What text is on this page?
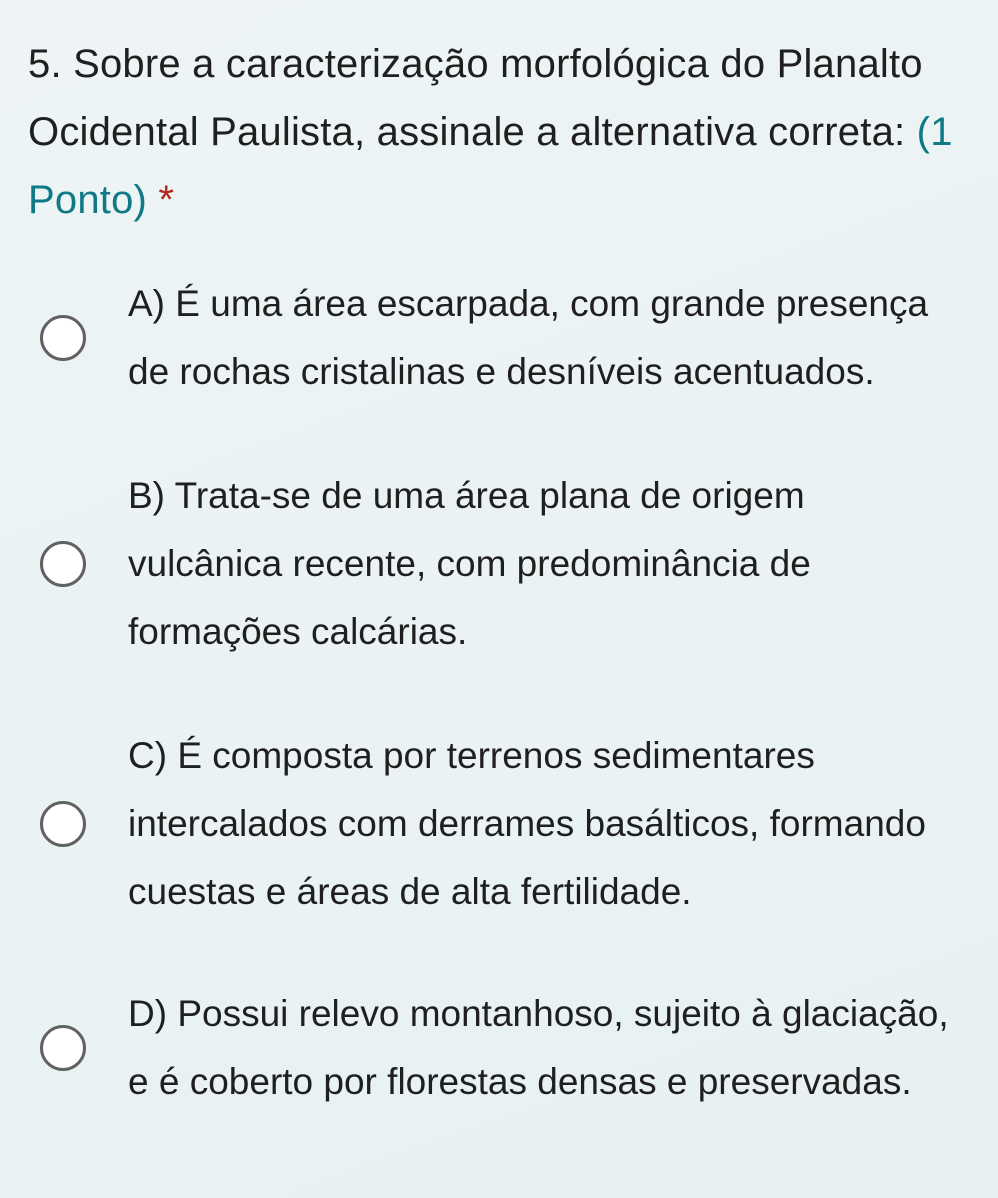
5. Sobre a caracterização morfológica do Planalto Ocidental Paulista, assinale a alternativa correta: (1 Ponto) *
A) É uma área escarpada, com grande presença de rochas cristalinas e desníveis acentuados.
B) Trata-se de uma área plana de origem vulcânica recente, com predominância de formações calcárias.
C) É composta por terrenos sedimentares intercalados com derrames basálticos, formando cuestas e áreas de alta fertilidade.
D) Possui relevo montanhoso, sujeito à glaciação, e é coberto por florestas densas e preservadas.
